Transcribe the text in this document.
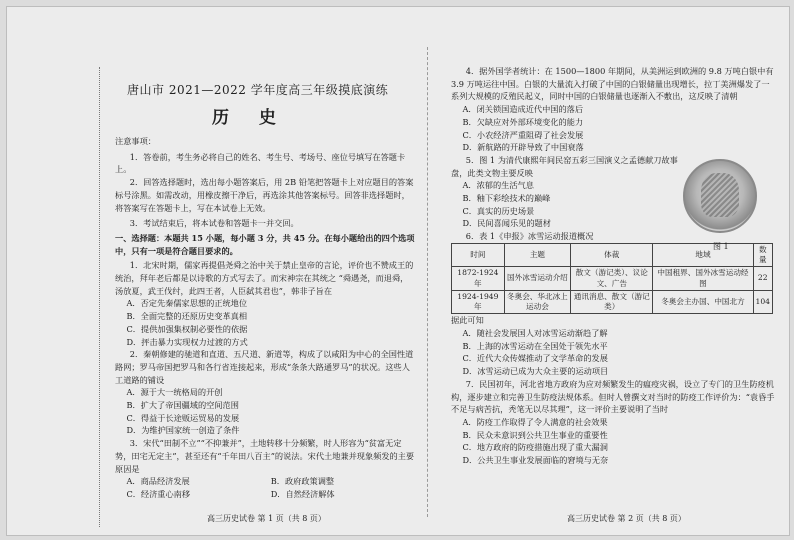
唐山市 2021—2022 学年度高三年级摸底演练
历 史

注意事项：

1．答卷前，考生务必将自己的姓名、考生号、考场号、座位号填写在答题卡上。

2．回答选择题时，选出每小题答案后，用 2B 铅笔把答题卡上对应题目的答案标号涂黑。如需改动，用橡皮擦干净后，再选涂其他答案标号。回答非选择题时，将答案写在答题卡上，写在本试卷上无效。

3．考试结束后，将本试卷和答题卡一并交回。

一、选择题：本题共 15 小题，每小题 3 分，共 45 分。在每小题给出的四个选项中，只有一项是符合题目要求的。

1．北宋时期，儒家再提倡尧舜之治中关于禁止皇帝的言论，评价也不赞成王的统治，拜年老后都是以诗歌的方式写去了。而宋神宗在其统之 “舜遇尧，而退舜，汤放夏，武王伐纣，此四王者，人臣弑其君也”，韩非子旨在

A．否定先秦儒家思想的正统地位

B．全面完整的还原历史变革真相

C．提供加强集权制必要性的依据

D．抨击暴力实现权力过渡的方式

2．秦朝修建的驰道和直道、五尺道、新道等，构成了以咸阳为中心的全国性道路网；罗马帝国把罗马和各行省连接起来，形成“条条大路通罗马”的状况。这些人工道路的铺设

A．源于大一统格局的开创

B．扩大了帝国疆域的空间范围

C．得益于长途贩运贸易的发展

D．为维护国家统一创造了条件

3．宋代“田制不立”“不抑兼并”，土地转移十分频繁，时人形容为“贫富无定势，田宅无定主”，甚至还有“千年田八百主”的说法。宋代土地兼并现象频发的主要原因是

A．商品经济发展	B．政府政策调整
C．经济重心南移	D．自然经济解体
高三历史试卷 第 1 页（共 8 页）

4．据外国学者统计：在 1500—1800 年期间，从美洲运到欧洲的 9.8 万吨白银中有 3.9 万吨运往中国。白银的大量流入打破了中国的白银储量出现增长，拉丁美洲爆发了一系列大规模的反殖民起义，同时中国的白银储量也逐渐入不敷出，这反映了清朝

A．闭关锁国造成近代中国的落后

B．欠缺应对外部环境变化的能力

C．小农经济严重阻碍了社会发展

D．新航路的开辟导致了中国衰落

5．图 1 为清代康熙年间民窑五彩三国演义之孟德献刀故事盘，此类文物主要反映

A．浓郁的生活气息

B．釉下彩绘技术的巅峰

C．真实的历史场景

D．民间喜闻乐见的题材

6．表 1《申报》冰雪运动报道概况

时间	主题	体裁	地域	数量
1872-1924 年	国外冰雪运动介绍	散文（游记类）、议论文、广告	中国租界、国外冰雪运动经图	22
1924-1949 年	冬奥会、华北冰上运动会	通讯消息、散文（游记类）	冬奥会主办国、中国北方	104

据此可知

A．随社会发展国人对冰雪运动渐趋了解

B．上海的冰雪运动在全国处于领先水平

C．近代大众传媒推动了文学革命的发展

D．冰雪运动已成为大众主要的运动项目

7．民国初年，河北省地方政府为应对频繁发生的瘟疫灾祸，设立了专门的卫生防疫机构，逐步建立和完善卫生防疫法规体系。但时人曾撰文对当时的防疫工作评价为：“袁昏手不足与病苦抗，秃笔无以尽其理”，这一评价主要说明了当时

A．防疫工作取得了令人满意的社会效果

B．民众未意识到公共卫生事业的重要性

C．地方政府的防疫措施出现了重大漏洞

D．公共卫生事业发展面临的窘境与无奈

图 1
高三历史试卷 第 2 页（共 8 页）
